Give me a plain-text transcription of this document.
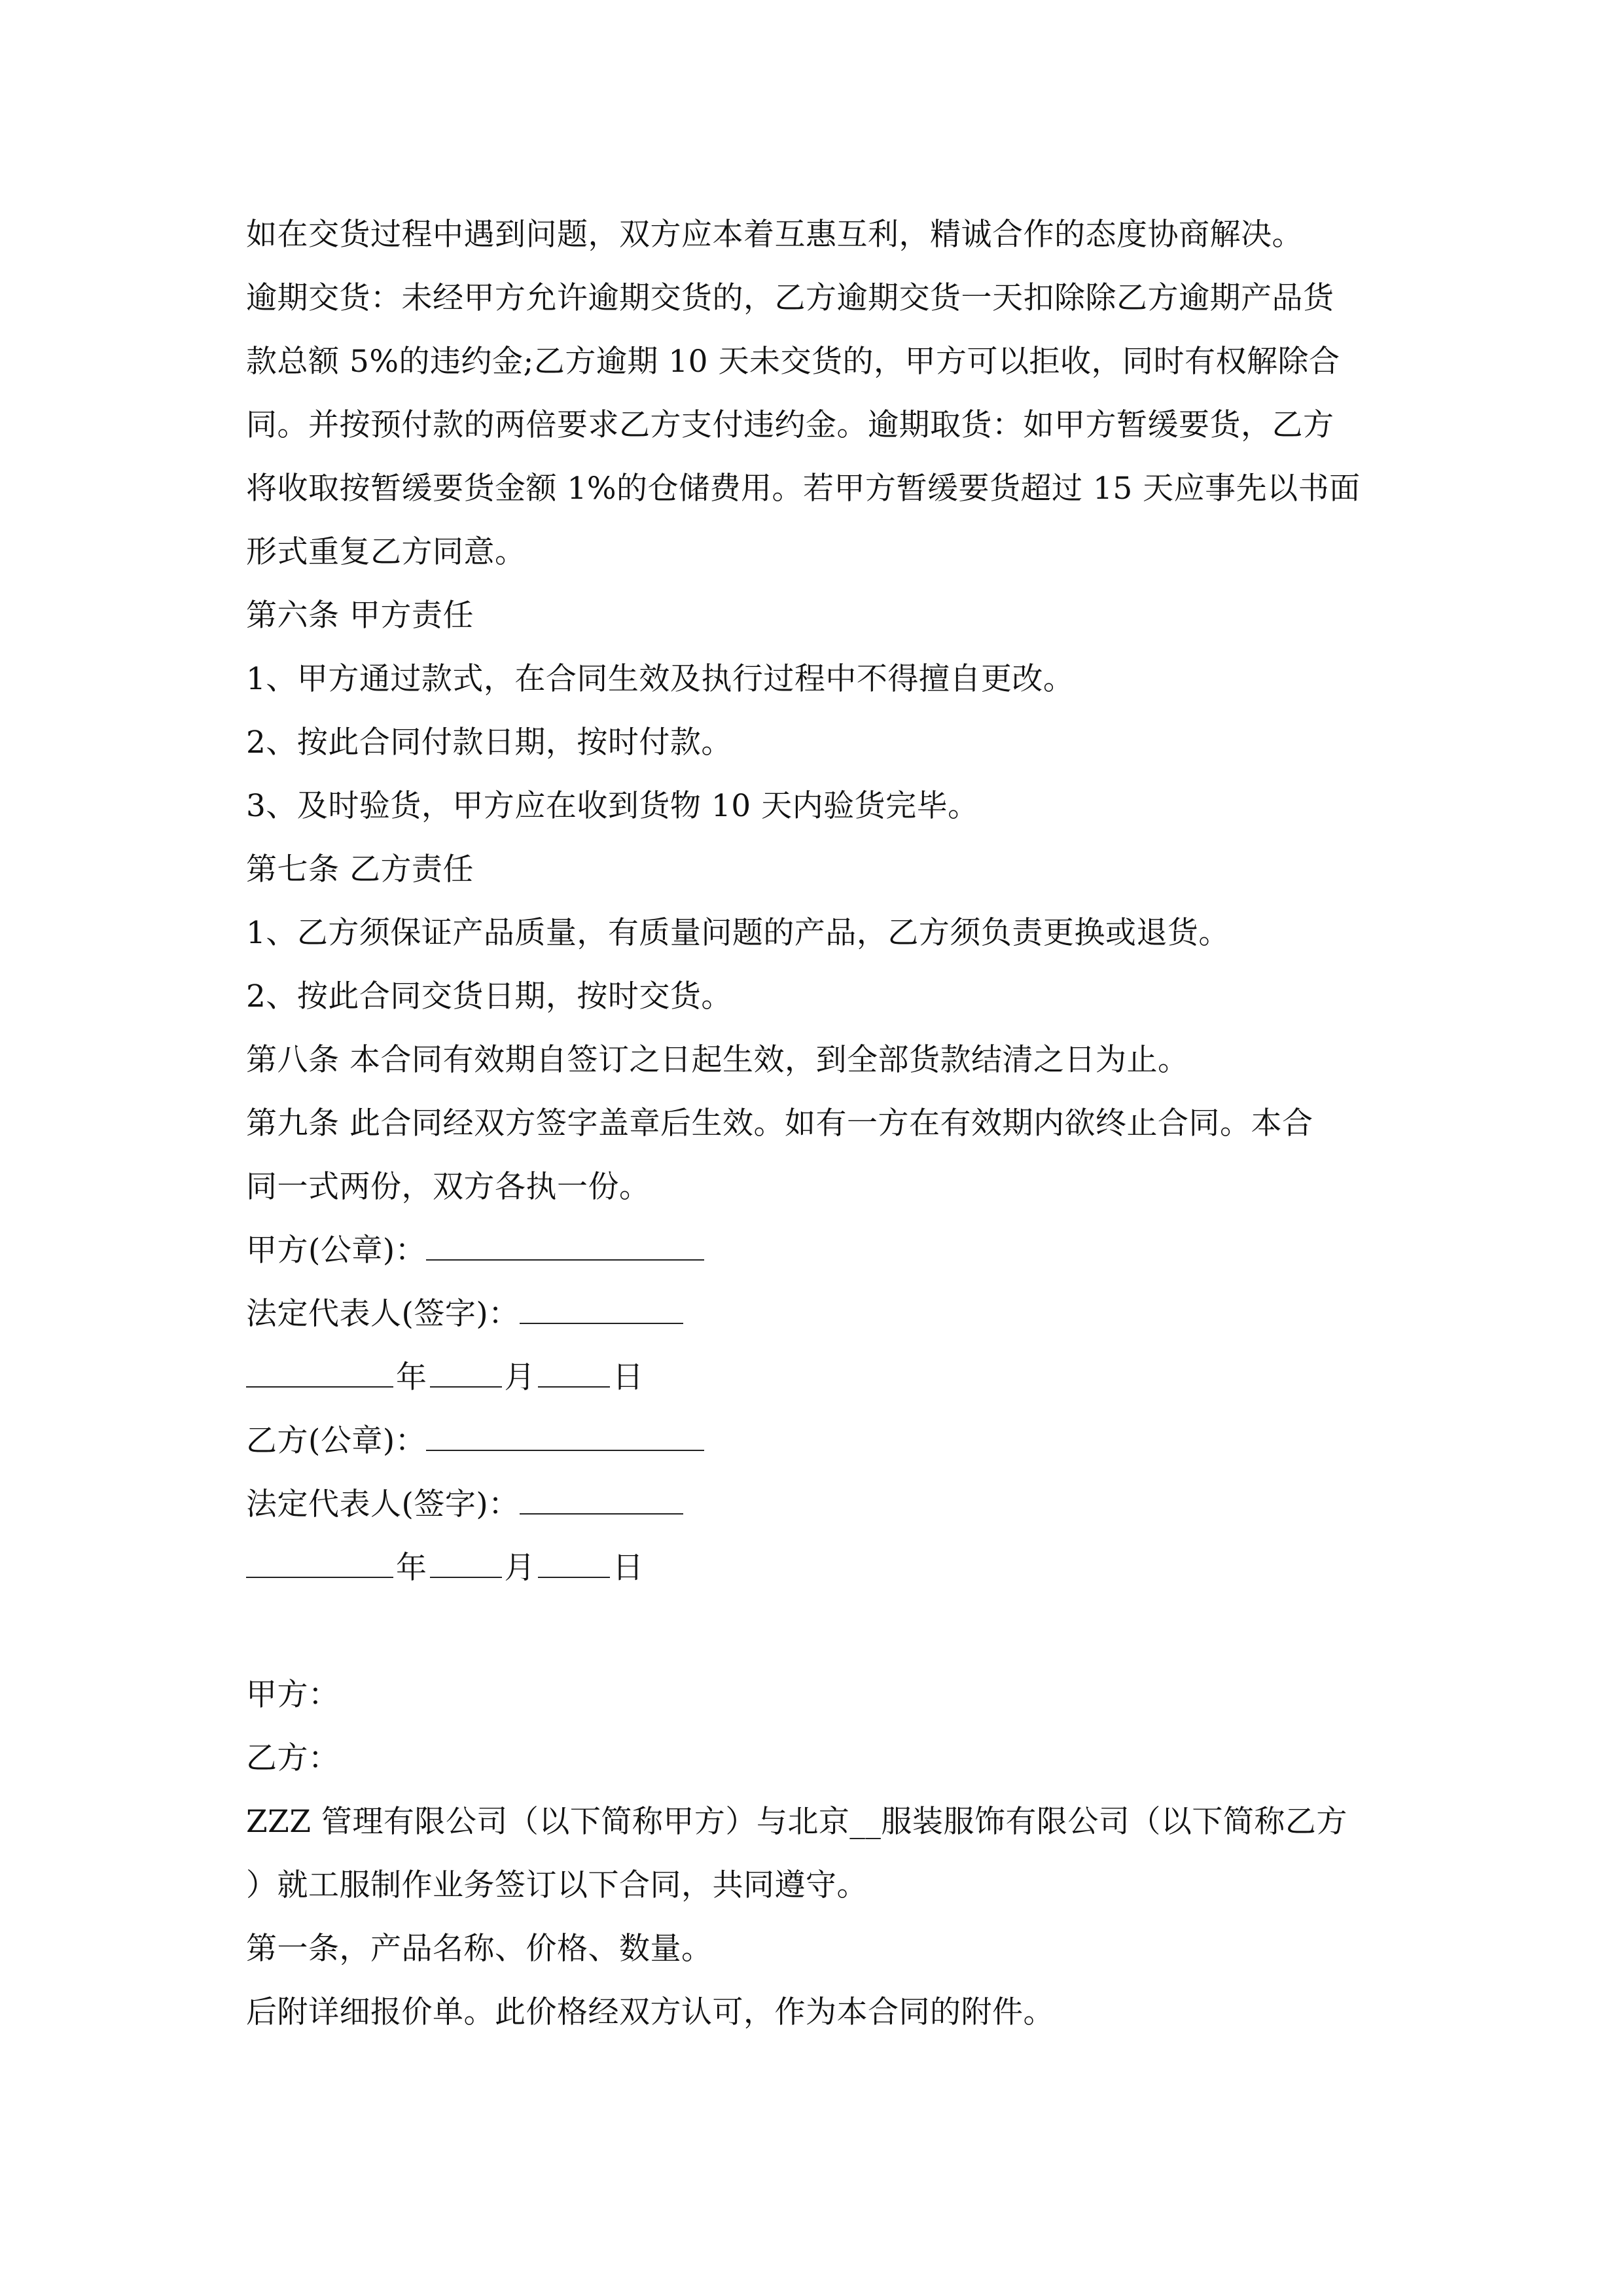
如在交货过程中遇到问题，双方应本着互惠互利，精诚合作的态度协商解决。
逾期交货：未经甲方允许逾期交货的，乙方逾期交货一天扣除除乙方逾期产品货
款总额 5%的违约金;乙方逾期 10 天未交货的，甲方可以拒收，同时有权解除合
同。并按预付款的两倍要求乙方支付违约金。逾期取货：如甲方暂缓要货，乙方
将收取按暂缓要货金额 1%的仓储费用。若甲方暂缓要货超过 15 天应事先以书面
形式重复乙方同意。
第六条 甲方责任
1、甲方通过款式，在合同生效及执行过程中不得擅自更改。
2、按此合同付款日期，按时付款。
3、及时验货，甲方应在收到货物 10 天内验货完毕。
第七条 乙方责任
1、乙方须保证产品质量，有质量问题的产品，乙方须负责更换或退货。
2、按此合同交货日期，按时交货。
第八条 本合同有效期自签订之日起生效，到全部货款结清之日为止。
第九条 此合同经双方签字盖章后生效。如有一方在有效期内欲终止合同。本合
同一式两份，双方各执一份。
甲方(公章)：
法定代表人(签字)：
年	月	日
乙方(公章)：
法定代表人(签字)：
年	月	日
甲方：
乙方：
ZZZ 管理有限公司（以下简称甲方）与北京__服装服饰有限公司（以下简称乙方
）就工服制作业务签订以下合同，共同遵守。
第一条，产品名称、价格、数量。
后附详细报价单。此价格经双方认可，作为本合同的附件。
